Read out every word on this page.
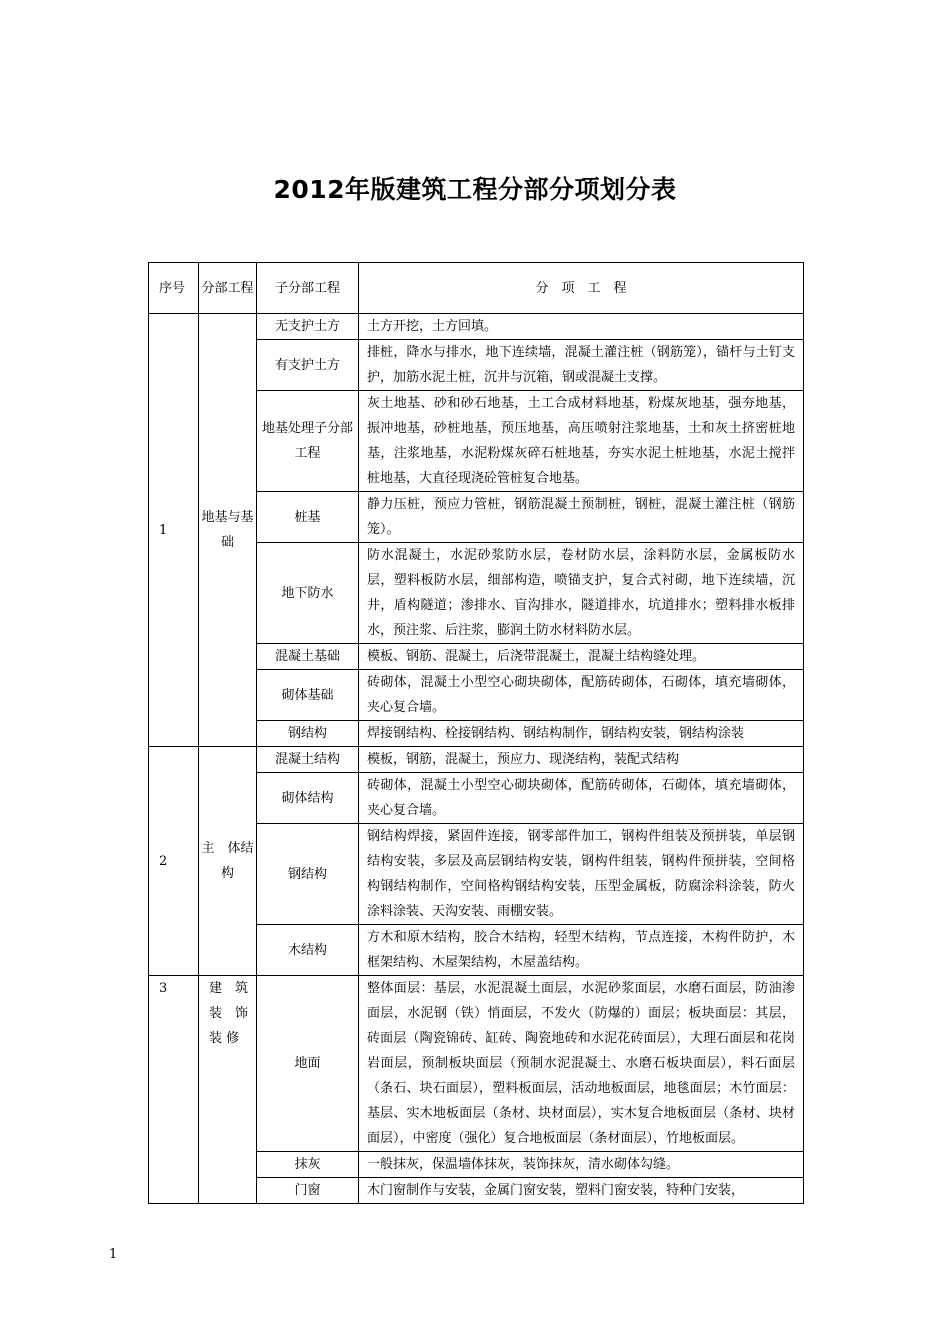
2012年版建筑工程分部分项划分表
序号	分部工程	子分部工程	分　项　工　程
1	地基与基础	无支护土方	土方开挖，土方回填。
		有支护土方	排桩，降水与排水，地下连续墙，混凝土灌注桩（钢筋笼），锚杆与土钉支护，加筋水泥土桩，沉井与沉箱，钢或混凝土支撑。
		地基处理子分部工程	灰土地基、砂和砂石地基，土工合成材料地基，粉煤灰地基，强夯地基，振冲地基，砂桩地基，预压地基，高压喷射注浆地基，土和灰土挤密桩地基，注浆地基，水泥粉煤灰碎石桩地基，夯实水泥土桩地基，水泥土搅拌桩地基，大直径现浇砼管桩复合地基。
		桩基	静力压桩，预应力管桩，钢筋混凝土预制桩，钢桩，混凝土灌注桩（钢筋笼）。
		地下防水	防水混凝土，水泥砂浆防水层，卷材防水层，涂料防水层，金属板防水层，塑料板防水层，细部构造，喷锚支护，复合式衬砌，地下连续墙，沉井，盾构隧道；渗排水、盲沟排水，隧道排水，坑道排水；塑料排水板排水，预注浆、后注浆，膨润土防水材料防水层。
		混凝土基础	模板、钢筋、混凝土，后浇带混凝土，混凝土结构缝处理。
		砌体基础	砖砌体，混凝土小型空心砌块砌体，配筋砖砌体，石砌体，填充墙砌体，夹心复合墙。
		钢结构	焊接钢结构、栓接钢结构、钢结构制作，钢结构安装，钢结构涂装
2	主　体结构	混凝土结构	模板，钢筋，混凝土，预应力、现浇结构，装配式结构
		砌体结构	砖砌体，混凝土小型空心砌块砌体，配筋砖砌体，石砌体，填充墙砌体，夹心复合墙。
		钢结构	钢结构焊接，紧固件连接，钢零部件加工，钢构件组装及预拼装，单层钢结构安装，多层及高层钢结构安装，钢构件组装，钢构件预拼装，空间格构钢结构制作，空间格构钢结构安装，压型金属板，防腐涂料涂装，防火涂料涂装、天沟安装、雨棚安装。
		木结构	方木和原木结构，胶合木结构，轻型木结构，节点连接，木构件防护，木框架结构、木屋架结构，木屋盖结构。
3	建　筑装　饰装 修	地面	整体面层：基层，水泥混凝土面层，水泥砂浆面层，水磨石面层，防油渗面层，水泥钢（铁）悄面层，不发火（防爆的）面层；板块面层：其层，砖面层（陶瓷锦砖、缸砖、陶瓷地砖和水泥花砖面层），大理石面层和花岗岩面层，预制板块面层（预制水泥混凝土、水磨石板块面层），料石面层（条石、块石面层），塑料板面层，活动地板面层，地毯面层；木竹面层：基层、实木地板面层（条材、块材面层），实木复合地板面层（条材、块材面层），中密度（强化）复合地板面层（条材面层），竹地板面层。
		抹灰	一般抹灰，保温墙体抹灰，装饰抹灰，清水砌体勾缝。
		门窗	木门窗制作与安装，金属门窗安装，塑料门窗安装，特种门安装，
1
